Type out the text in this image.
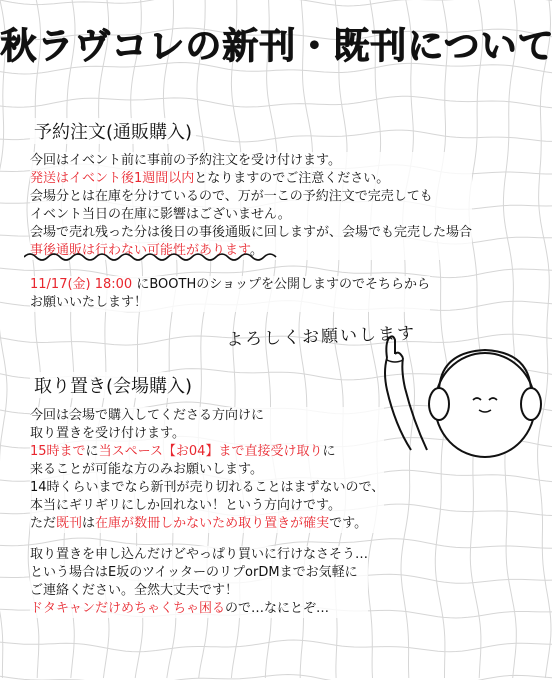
秋ラヴコレの新刊・既刊について
予約注文(通販購入)
今回はイベント前に事前の予約注文を受け付けます。
発送はイベント後1週間以内となりますのでご注意ください。
会場分とは在庫を分けているので、万が一この予約注文で完売しても
イベント当日の在庫に影響はございません。
会場で売れ残った分は後日の事後通販に回しますが、会場でも完売した場合
事後通販は行わない可能性があります。
11/17(金) 18:00 にBOOTHのショップを公開しますのでそちらから
お願いいたします！
よろしくお願いします
取り置き(会場購入)
今回は会場で購入してくださる方向けに
取り置きを受け付けます。
15時までに当スペース【お04】まで直接受け取りに
来ることが可能な方のみお願いします。
14時くらいまでなら新刊が売り切れることはまずないので、
本当にギリギリにしか回れない！という方向けです。
ただ既刊は在庫が数冊しかないため取り置きが確実です。
取り置きを申し込んだけどやっぱり買いに行けなさそう…
という場合はE坂のツイッターのリプorDMまでお気軽に
ご連絡ください。全然大丈夫です！
ドタキャンだけめちゃくちゃ困るので…なにとぞ…
